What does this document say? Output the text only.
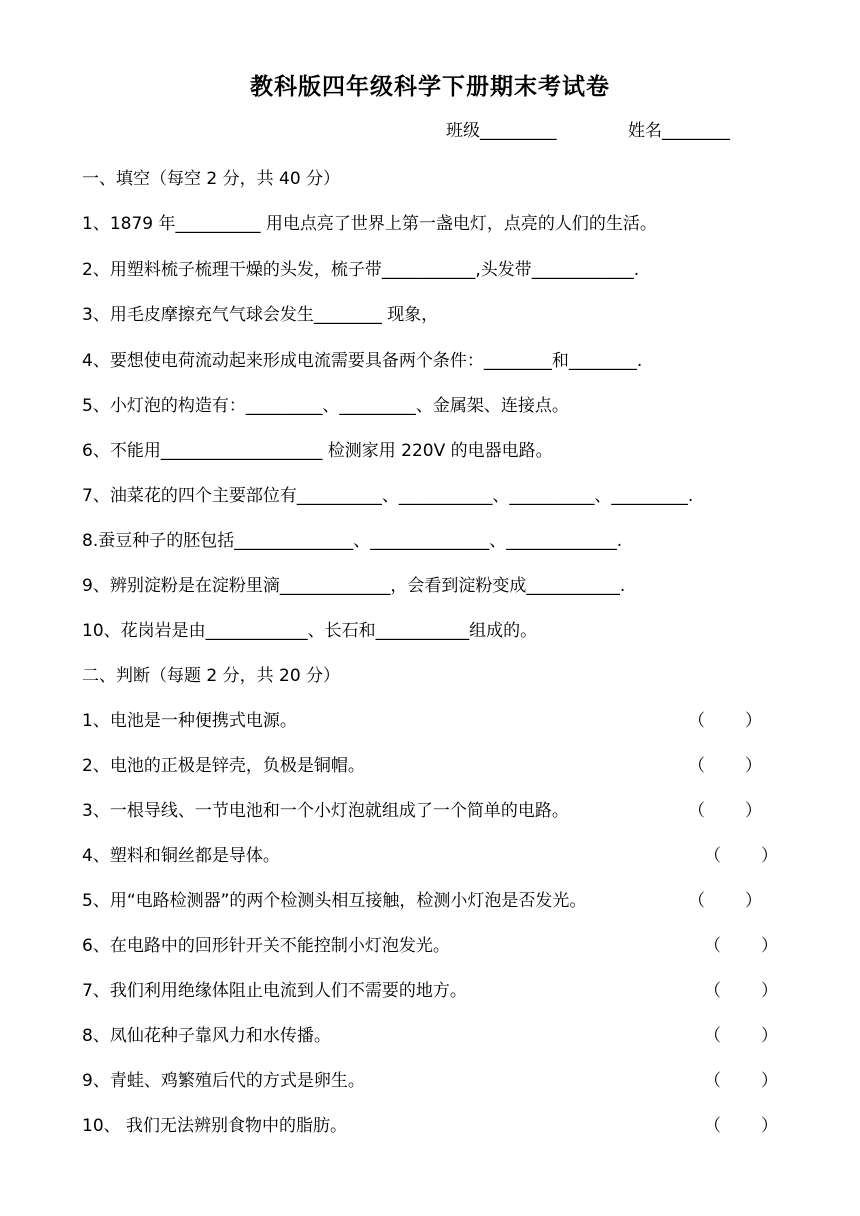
教科版四年级科学下册期末考试卷
班级_________	姓名________
一、填空（每空 2 分，共 40 分）
1、1879 年__________ 用电点亮了世界上第一盏电灯，点亮的人们的生活。
2、用塑料梳子梳理干燥的头发，梳子带___________,头发带____________.
3、用毛皮摩擦充气气球会发生________ 现象，
4、要想使电荷流动起来形成电流需要具备两个条件：________和________.
5、小灯泡的构造有：_________、_________、金属架、连接点。
6、不能用___________________ 检测家用 220V 的电器电路。
7、油菜花的四个主要部位有__________、___________、__________、_________.
8.蚕豆种子的胚包括______________、______________、_____________.
9、辨别淀粉是在淀粉里滴_____________，会看到淀粉变成___________.
10、花岗岩是由____________、长石和___________组成的。
二、判断（每题 2 分，共 20 分）
1、电池是一种便携式电源。	（　　）
2、电池的正极是锌壳，负极是铜帽。	（　　）
3、一根导线、一节电池和一个小灯泡就组成了一个简单的电路。	（　　）
4、塑料和铜丝都是导体。	（　　）
5、用“电路检测器”的两个检测头相互接触，检测小灯泡是否发光。	（　　）
6、在电路中的回形针开关不能控制小灯泡发光。	（　　）
7、我们利用绝缘体阻止电流到人们不需要的地方。	（　　）
8、凤仙花种子靠风力和水传播。	（　　）
9、青蛙、鸡繁殖后代的方式是卵生。	（　　）
10、 我们无法辨别食物中的脂肪。	（　　）
